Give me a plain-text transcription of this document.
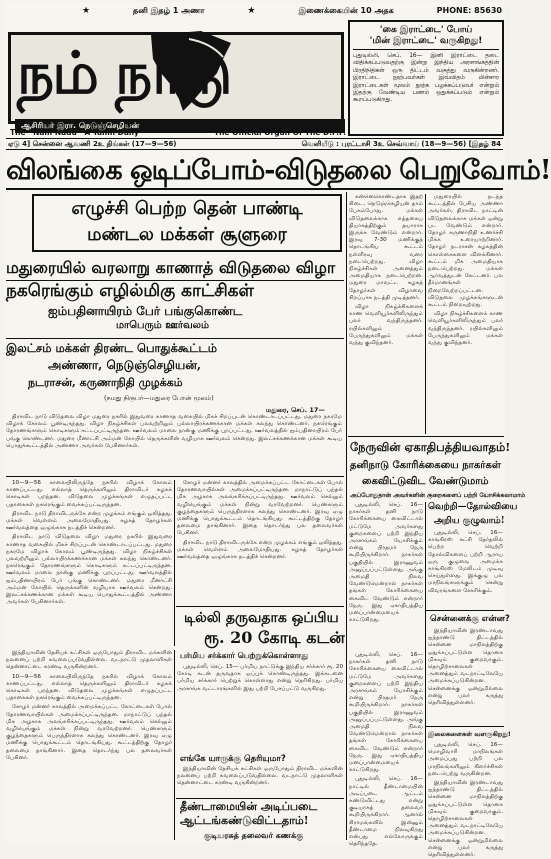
★	தனி இதழ் 1 அணா	★	இணைக்கையின் 10 அதக	PHONE: 85630
நம் நாடு
ஆசிரியர் இரா. நெடுஞ்செழியன்
The “Nam Nadu” A Tamil Daily	The Official Organ Of The D.P.P.
'கை இராட்டை' போய்
'மின் இராட்டை' வருகிறது!
புதுடில்லி, செப். 16— இனி இராட்டை தடை விதிக்கப்படுவதற்கு இன்று இந்திய அரசாங்கத்தின் பிரதிநிதிகள் ஒரு திட்டம் வகுத்து வருகின்றனர். இராட்டை நூற்பவர்கள் இவ்விதம் மின்சார இராட்டைகள் மூலம் நூற்க பழக்கப்படுவர் என்றும் இதற்கு வேண்டிய பணம் ஒதுக்கப்படும் என்றும் கூறப்படுகிறது.
ஏடு 4] சென்னை ஆவணி 2உ திங்கள் (17—9—56)	வெளியீடு : புரட்டாசி 3உ செவ்வாய் (18—9—56) [இதழ் 84
விலங்கை ஒடிப்போம்-விடுதலை பெறுவோம்!
எழுச்சி பெற்ற தென் பாண்டி
மண்டல மக்கள் சூளுரை
மதுரையில் வரலாறு காணாத் விடுதலை விழா
நகரெங்கும் எழில்மிகு காட்சிகள்
ஐம்பதினாயிரம் பேர் பங்குகொண்ட
மாபெரும் ஊர்வலம்
இலட்சம் மக்கள் திரண்ட பொதுக்கூட்டம்
அண்ணா, நெடுஞ்செழியன்,
நடராசன், கருணாநிதி முழக்கம்
(நமது நிருபர்—மதுரை போன் மூலம்)
மதுரை, செப். 17—

திராவிட நாடு விடுதலை விழா மதுரை நகரில் இதுவரை காணாத வகையில் மிகச் சிறப்புடன் கொண்டாடப்பட்டது. மதுரை நகரமே விழாக் கோலம் பூண்டிருந்தது. விழா நிகழ்ச்சிகள் பலவற்றிலும் பல்லாயிரக்கணக்கான மக்கள் கலந்து கொண்டனர். நகரெங்கும் தோரணங்களும் கொடிகளும் கட்டப்பட்டிருந்தன. ஊர்வலம் மாலை நான்கு மணிக்கு புறப்பட்டது. ஊர்வலத்தில் ஐம்பதினாயிரம் பேர் பங்கு கொண்டனர். மதுரை மீனாட்சி அம்மன் கோயில் தெருக்களின் வழியாக ஊர்வலம் சென்றது. இலட்சக்கணக்கான மக்கள் கூடிய பொதுக்கூட்டத்தில் அண்ணா அவர்கள் பேசினார்கள்.

10—9—56 காலையிலிருந்தே நகரில் விழாக் கோலம் காணப்பட்டது. எல்லாத் தெருக்களிலும் திராவிடர் கழகக் கொடிகள் பறந்தன. விடுதலை முழக்கங்கள் எழுதப்பட்ட பதாகைகள் நகரெங்கும் வைக்கப்பட்டிருந்தன.

திராவிட நாடு திராவிடருக்கே என்ற முழக்கம் எங்கும் ஒலித்தது. மக்கள் வெள்ளம் அலைமோதியது. கழகத் தோழர்கள் ஊர்வலத்தை ஒழுங்காக நடத்திச் சென்றனர்.

திராவிட நாடு விடுதலை விழா மதுரை நகரில் இதுவரை காணாத வகையில் மிகச் சிறப்புடன் கொண்டாடப்பட்டது. மதுரை நகரமே விழாக் கோலம் பூண்டிருந்தது. விழா நிகழ்ச்சிகள் பலவற்றிலும் பல்லாயிரக்கணக்கான மக்கள் கலந்து கொண்டனர். நகரெங்கும் தோரணங்களும் கொடிகளும் கட்டப்பட்டிருந்தன. ஊர்வலம் மாலை நான்கு மணிக்கு புறப்பட்டது. ஊர்வலத்தில் ஐம்பதினாயிரம் பேர் பங்கு கொண்டனர். மதுரை மீனாட்சி அம்மன் கோயில் தெருக்களின் வழியாக ஊர்வலம் சென்றது. இலட்சக்கணக்கான மக்கள் கூடிய பொதுக்கூட்டத்தில் அண்ணா அவர்கள் பேசினார்கள்.

சோழர் மன்னர் காலத்தில் அமைக்கப்பட்ட கோட்டைகள் போல் தோரணவாயில்கள் அமைக்கப்பட்டிருந்தன. மாநாட்டுப் பந்தல் மிக அழகாக அலங்கரிக்கப்பட்டிருந்தது. ஊர்வலம் செல்லும் வழியெங்கும் மக்கள் நின்று வரவேற்றனர். பெண்களும் குழந்தைகளும் பெருந்திரளாக கலந்து கொண்டனர். இரவு ஏழு மணிக்கு பொதுக்கூட்டம் தொடங்கியது. கூட்டத்திற்கு தோழர் தலைமை தாங்கினார். இதை தொடர்ந்து பல தலைவர்கள் பேசினர்.

திராவிட நாடு திராவிடருக்கே என்ற முழக்கம் எங்கும் ஒலித்தது. மக்கள் வெள்ளம் அலைமோதியது. கழகத் தோழர்கள் ஊர்வலத்தை ஒழுங்காக நடத்திச் சென்றனர்.

டில்லி தருவதாக ஒப்பிய
ரூ. 20 கோடி கடன்
பர்மிய சர்க்கார் பெற்றுக்கொள்ளாது

புதுடில்லி, செப். 15— பர்மிய நாட்டுக்கு இந்திய சர்க்கார் ரூ. 20 கோடி கடன் தருவதாக ஒப்புக் கொண்டிருந்தது. இக்கடனை பர்மிய சர்க்கார் பெற்றுக் கொள்ளாது என்று தெரிகிறது. பர்மிய அரசாங்க வட்டாரங்களில் இது பற்றி பேசப்பட்டு வருகிறது.

இந்தியாவின் தேசியக் கட்சிகள் ஒருபோதும் திராவிட மக்களின் நலனைப் பற்றி கவலைப்படுவதில்லை. வடநாட்டு முதலாளிகள் தென்னாட்டை சுரண்டி வருகின்றனர்.

10—9—56 காலையிலிருந்தே நகரில் விழாக் கோலம் காணப்பட்டது. எல்லாத் தெருக்களிலும் திராவிடர் கழகக் கொடிகள் பறந்தன. விடுதலை முழக்கங்கள் எழுதப்பட்ட பதாகைகள் நகரெங்கும் வைக்கப்பட்டிருந்தன.

சோழர் மன்னர் காலத்தில் அமைக்கப்பட்ட கோட்டைகள் போல் தோரணவாயில்கள் அமைக்கப்பட்டிருந்தன. மாநாட்டுப் பந்தல் மிக அழகாக அலங்கரிக்கப்பட்டிருந்தது. ஊர்வலம் செல்லும் வழியெங்கும் மக்கள் நின்று வரவேற்றனர். பெண்களும் குழந்தைகளும் பெருந்திரளாக கலந்து கொண்டனர். இரவு ஏழு மணிக்கு பொதுக்கூட்டம் தொடங்கியது. கூட்டத்திற்கு தோழர் தலைமை தாங்கினார். இதை தொடர்ந்து பல தலைவர்கள் பேசினர்.	எங்கே யாருக்கு தெரியுமா?

இந்தியாவின் தேசியக் கட்சிகள் ஒருபோதும் திராவிட மக்களின் நலனைப் பற்றி கவலைப்படுவதில்லை. வடநாட்டு முதலாளிகள் தென்னாட்டை சுரண்டி வருகின்றனர்.

தீண்டாமையின் அடிப்படை
ஆட்டங்கண்டுவிட்டதாம்!
குடியரசுத் தலைவர் கணக்கு

கன்னெகொண்டதாக இதற் கிடை, நெடுஞ்செழியன் தாம் பேசும்போது, மக்கள் விடுதலைக்காக எத்தகைய தியாகத்திற்கும் தயாராக இருக்க வேண்டும் என்றார். இரவு 7-30 மணிக்குத் தொடங்கிய கூட்டம் நள்ளிரவு வரை நடைபெற்றது. விழா நிகழ்ச்சிகள் அனைத்தும் அமைதியாக நடைபெற்றன. மதுரை மாவட்ட கழகத் தோழர்கள் விழாவை சிறப்பாக நடத்தி முடித்தனர்.

விழா நிகழ்ச்சிகளைக் காண வெளியூர்களிலிருந்தும் பலர் வந்திருந்தனர். ரயில்களிலும் பேருந்துகளிலும் மக்கள் வந்து குவிந்தனர்.

மதுரையில் நடந்த கூட்டத்தில் பேசிய அண்ணா அவர்கள், திராவிட நாட்டின் விடுதலைக்காக மக்கள் ஒன்று பட வேண்டும் என்றார். தோழர் கருணாநிதி உணர்ச்சி மிக்க உரையாற்றினார். தோழர் நடராசன் கழகத்தின் கொள்கைகளை விளக்கினார். கூட்டம் மிக அமைதியாக நடைபெற்றது. மக்கள் ஆர்வத்துடன் கேட்டனர். பல தீர்மானங்கள் நிறைவேற்றப்பட்டன. விடுதலை முழக்கங்களுடன் கூட்டம் நிறைவுற்றது.

விழா நிகழ்ச்சிகளைக் காண வெளியூர்களிலிருந்தும் பலர் வந்திருந்தனர். ரயில்களிலும் பேருந்துகளிலும் மக்கள் வந்து குவிந்தனர்.

நேருவின் ஏகாதிபத்தியவாதம்!
தனிநாடு கோரிக்கையை நாகர்கள்
கைவிட்டுவிட வேண்டுமாம்
அப்போதுதான் அவர்களின் குறைகளைப் பற்றி யோசிக்கலாமாம்

புதுடில்லி, செப். 16— நாகர்கள் தனி நாடு கோரிக்கையை கைவிட்டால் மட்டுமே அவர்களது குறைகளைப் பற்றி இந்திய அரசாங்கம் யோசிக்கும் என்று பிரதமர் நேரு கூறியிருக்கிறார். நாகர்கள் பகுதியில் இராணுவம் அனுப்பப்பட்டுள்ளது. அங்கு அமைதி நிலவ வேண்டுமென்றால் நாகர்கள் தங்கள் கோரிக்கையை கைவிட வேண்டும் என்றார் நேரு. இது ஏகாதிபத்திய மனப்பான்மையைக் காட்டுகிறது.

வெற்றி—தோல்வியை
அறிய குழுவாம்!

புதுடில்லி, செப். 16— காங்கிரஸ் கட்சி தேர்தலில் பெற்ற வெற்றி தோல்விகளைப் பற்றி ஆராய ஒரு குழுவை அமைக்க காங்கிரஸ் மேலிடம் முடிவு செய்துள்ளது. இக்குழு பல மாநிலங்களுக்கும் சென்று விவரங்களை சேகரிக்கும்.

சென்னைக்கு என்ன?

இந்தியாவின் இரண்டாவது ஐந்தாண்டு திட்டத்தில் சென்னை மாநிலத்திற்கு ஒதுக்கப்பட்டுள்ள தொகை மிகவும் குறைவாகும். தொழிற்சாலைகள் அனைத்தும் வடநாட்டிலேயே அமைக்கப்படுகின்றன. சென்னைக்கு ஒன்றுமில்லை என்று பலர் கருத்து தெரிவித்துள்ளனர்.

புதுடில்லி, செப். 16— நாகர்கள் தனி நாடு கோரிக்கையை கைவிட்டால் மட்டுமே அவர்களது குறைகளைப் பற்றி இந்திய அரசாங்கம் யோசிக்கும் என்று பிரதமர் நேரு கூறியிருக்கிறார். நாகர்கள் பகுதியில் இராணுவம் அனுப்பப்பட்டுள்ளது. அங்கு அமைதி நிலவ வேண்டுமென்றால் நாகர்கள் தங்கள் கோரிக்கையை கைவிட வேண்டும் என்றார் நேரு. இது ஏகாதிபத்திய மனப்பான்மையைக் காட்டுகிறது.

புதுடில்லி, செப். 16— நாட்டில் தீண்டாமையின் அடிப்படை ஆட்டம் கண்டுவிட்டது என்று குடியரசுத் தலைவர் கூறியிருக்கிறார். ஆனால் கிராமங்களில் இன்னும் தீண்டாமை நிலவுகிறது என்பது எல்லோருக்கும் தெரிந்ததே.

இலைகளைகள் வளருகிறது!

புதுடில்லி, செப். 16— மொழிவாரி மாநிலங்கள் அமைப்பது பற்றி பல மாநிலங்களிலும் கிளர்ச்சிகள் நடைபெற்று வருகின்றன.

இந்தியாவின் இரண்டாவது ஐந்தாண்டு திட்டத்தில் சென்னை மாநிலத்திற்கு ஒதுக்கப்பட்டுள்ள தொகை மிகவும் குறைவாகும். தொழிற்சாலைகள் அனைத்தும் வடநாட்டிலேயே அமைக்கப்படுகின்றன. சென்னைக்கு ஒன்றுமில்லை என்று பலர் கருத்து தெரிவித்துள்ளனர்.
